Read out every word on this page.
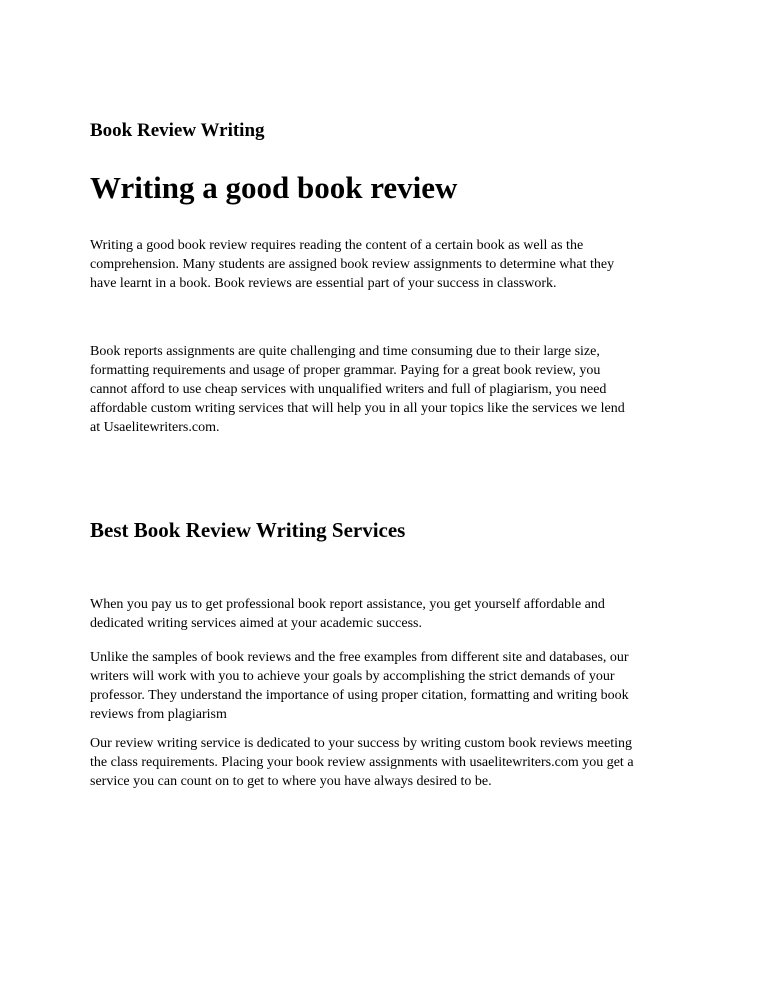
Book Review Writing
Writing a good book review
Writing a good book review requires reading the content of a certain book as well as the
comprehension. Many students are assigned book review assignments to determine what they
have learnt in a book. Book reviews are essential part of your success in classwork.
Book reports assignments are quite challenging and time consuming due to their large size,
formatting requirements and usage of proper grammar. Paying for a great book review, you
cannot afford to use cheap services with unqualified writers and full of plagiarism, you need
affordable custom writing services that will help you in all your topics like the services we lend
at Usaelitewriters.com.
Best Book Review Writing Services
When you pay us to get professional book report assistance, you get yourself affordable and
dedicated writing services aimed at your academic success.
Unlike the samples of book reviews and the free examples from different site and databases, our
writers will work with you to achieve your goals by accomplishing the strict demands of your
professor. They understand the importance of using proper citation, formatting and writing book
reviews from plagiarism
Our review writing service is dedicated to your success by writing custom book reviews meeting
the class requirements. Placing your book review assignments with usaelitewriters.com you get a
service you can count on to get to where you have always desired to be.
